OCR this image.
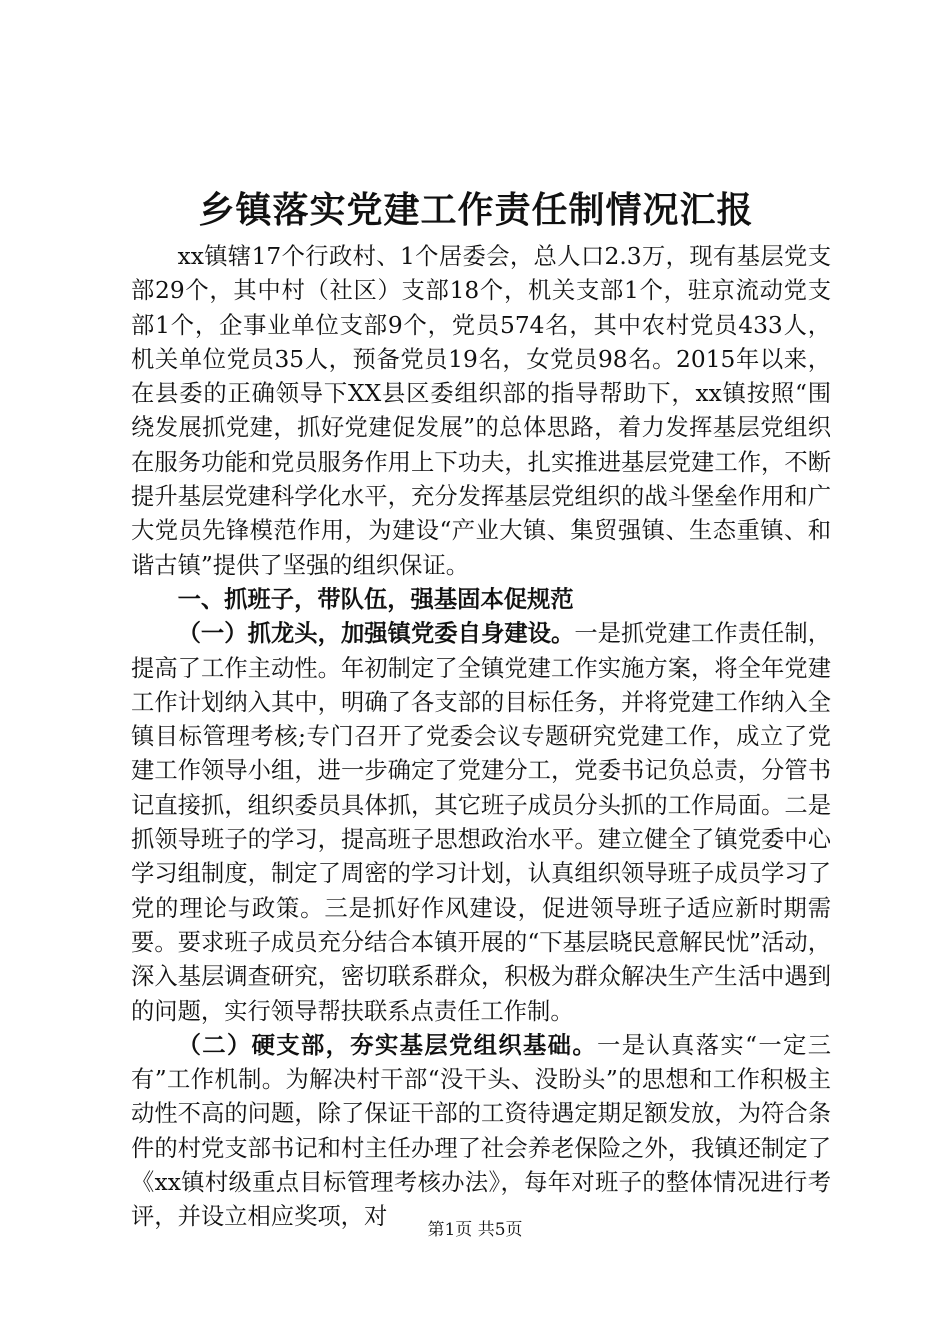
乡镇落实党建工作责任制情况汇报

xx镇辖17个行政村、1个居委会，总人口2.3万，现有基层党支部29个，其中村（社区）支部18个，机关支部1个，驻京流动党支部1个，企事业单位支部9个，党员574名，其中农村党员433人，机关单位党员35人，预备党员19名，女党员98名。2015年以来，在县委的正确领导下XX县区委组织部的指导帮助下，xx镇按照“围绕发展抓党建，抓好党建促发展”的总体思路，着力发挥基层党组织在服务功能和党员服务作用上下功夫，扎实推进基层党建工作，不断提升基层党建科学化水平，充分发挥基层党组织的战斗堡垒作用和广大党员先锋模范作用，为建设“产业大镇、集贸强镇、生态重镇、和谐古镇”提供了坚强的组织保证。

一、抓班子，带队伍，强基固本促规范

（一）抓龙头，加强镇党委自身建设。一是抓党建工作责任制，提高了工作主动性。年初制定了全镇党建工作实施方案，将全年党建工作计划纳入其中，明确了各支部的目标任务，并将党建工作纳入全镇目标管理考核;专门召开了党委会议专题研究党建工作，成立了党建工作领导小组，进一步确定了党建分工，党委书记负总责，分管书记直接抓，组织委员具体抓，其它班子成员分头抓的工作局面。二是抓领导班子的学习，提高班子思想政治水平。建立健全了镇党委中心学习组制度，制定了周密的学习计划，认真组织领导班子成员学习了党的理论与政策。三是抓好作风建设，促进领导班子适应新时期需要。要求班子成员充分结合本镇开展的“下基层晓民意解民忧”活动，深入基层调查研究，密切联系群众，积极为群众解决生产生活中遇到的问题，实行领导帮扶联系点责任工作制。

（二）硬支部，夯实基层党组织基础。一是认真落实“一定三有”工作机制。为解决村干部“没干头、没盼头”的思想和工作积极主动性不高的问题，除了保证干部的工资待遇定期足额发放，为符合条件的村党支部书记和村主任办理了社会养老保险之外，我镇还制定了《xx镇村级重点目标管理考核办法》，每年对班子的整体情况进行考评，并设立相应奖项，对	第1页 共5页
